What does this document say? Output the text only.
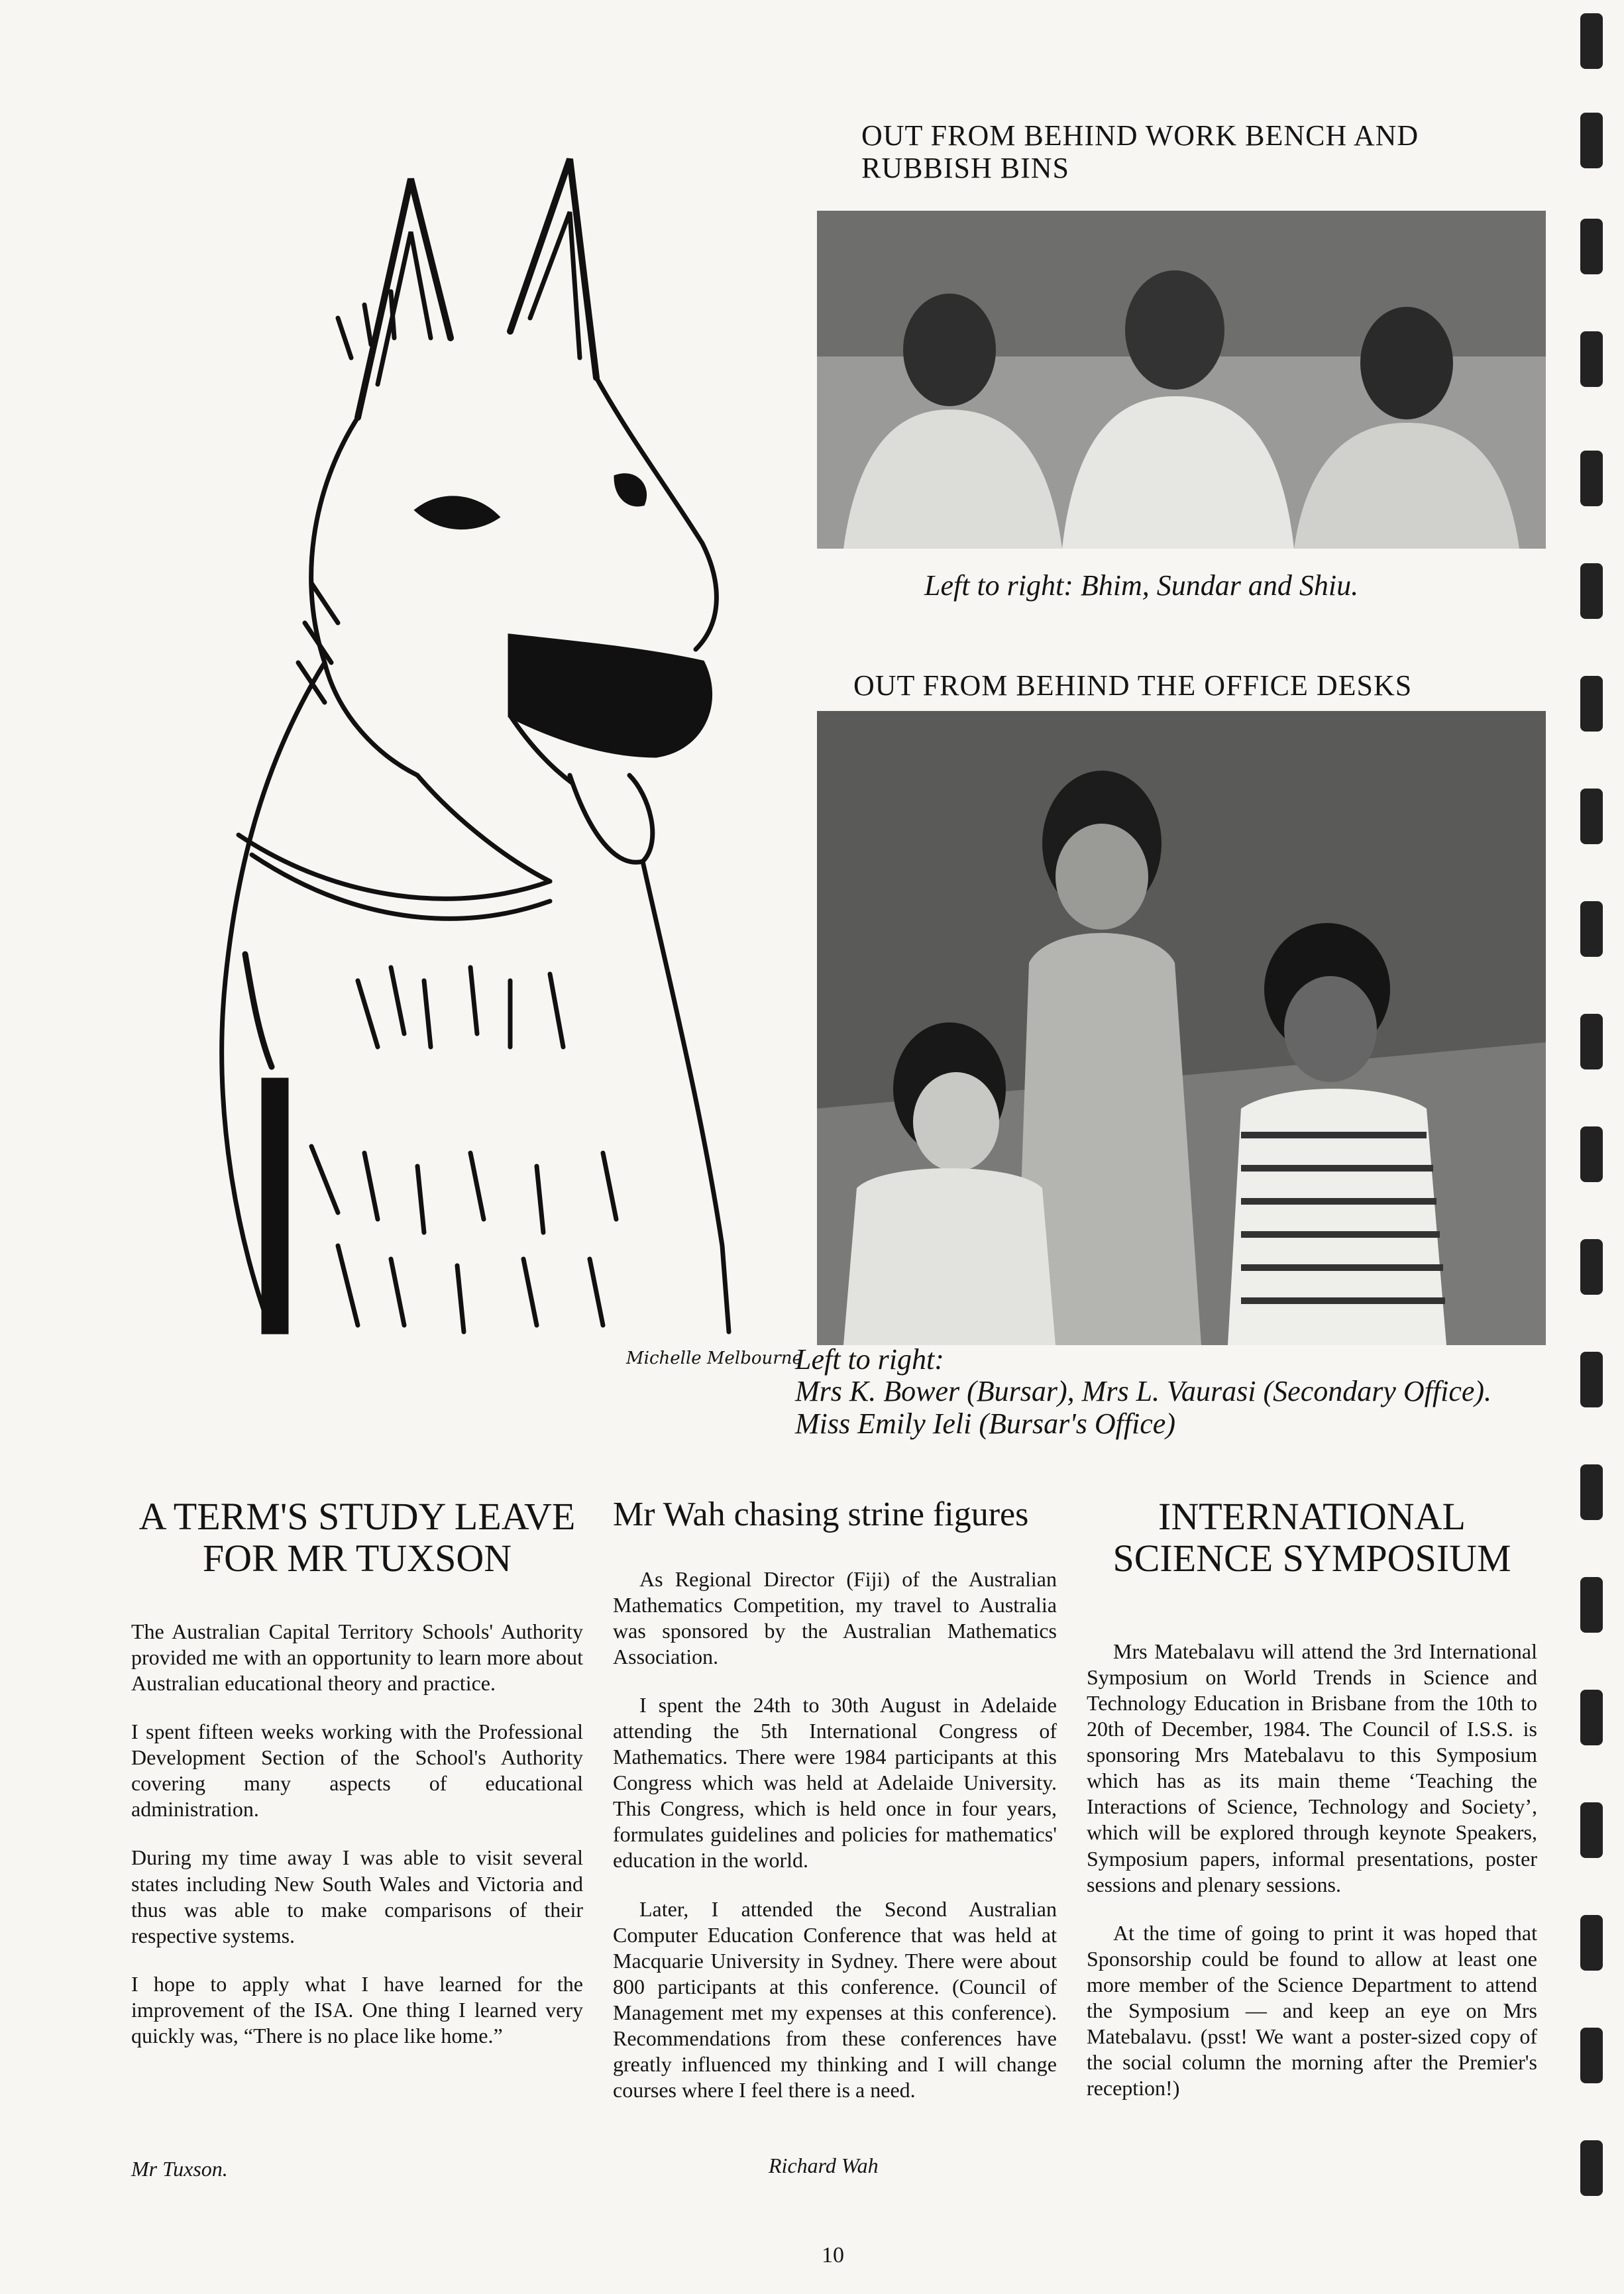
Michelle Melbourne
OUT FROM BEHIND WORK BENCH AND RUBBISH BINS
Left to right: Bhim, Sundar and Shiu.
OUT FROM BEHIND THE OFFICE DESKS
Left to right:
Mrs K. Bower (Bursar), Mrs L. Vaurasi (Secondary Office).
Miss Emily Ieli (Bursar's Office)
A TERM'S STUDY LEAVE FOR MR TUXSON

The Australian Capital Territory Schools' Authority provided me with an opportunity to learn more about Australian educational theory and practice.

I spent fifteen weeks working with the Professional Development Section of the School's Authority covering many aspects of educational administration.

During my time away I was able to visit several states including New South Wales and Victoria and thus was able to make comparisons of their respective systems.

I hope to apply what I have learned for the improvement of the ISA. One thing I learned very quickly was, “There is no place like home.”

Mr Tuxson.
Mr Wah chasing strine figures

As Regional Director (Fiji) of the Australian Mathematics Competition, my travel to Australia was sponsored by the Australian Mathematics Association.

I spent the 24th to 30th August in Adelaide attending the 5th International Congress of Mathematics. There were 1984 participants at this Congress which was held at Adelaide University. This Congress, which is held once in four years, formulates guidelines and policies for mathematics' education in the world.

Later, I attended the Second Australian Computer Education Conference that was held at Macquarie University in Sydney. There were about 800 participants at this conference. (Council of Management met my expenses at this conference). Recommendations from these conferences have greatly influenced my thinking and I will change courses where I feel there is a need.

Richard Wah
INTERNATIONAL SCIENCE SYMPOSIUM

Mrs Matebalavu will attend the 3rd International Symposium on World Trends in Science and Technology Education in Brisbane from the 10th to 20th of December, 1984. The Council of I.S.S. is sponsoring Mrs Matebalavu to this Symposium which has as its main theme ‘Teaching the Interactions of Science, Technology and Society’, which will be explored through keynote Speakers, Symposium papers, informal presentations, poster sessions and plenary sessions.

At the time of going to print it was hoped that Sponsorship could be found to allow at least one more member of the Science Department to attend the Symposium — and keep an eye on Mrs Matebalavu. (psst! We want a poster-sized copy of the social column the morning after the Premier's reception!)

10
